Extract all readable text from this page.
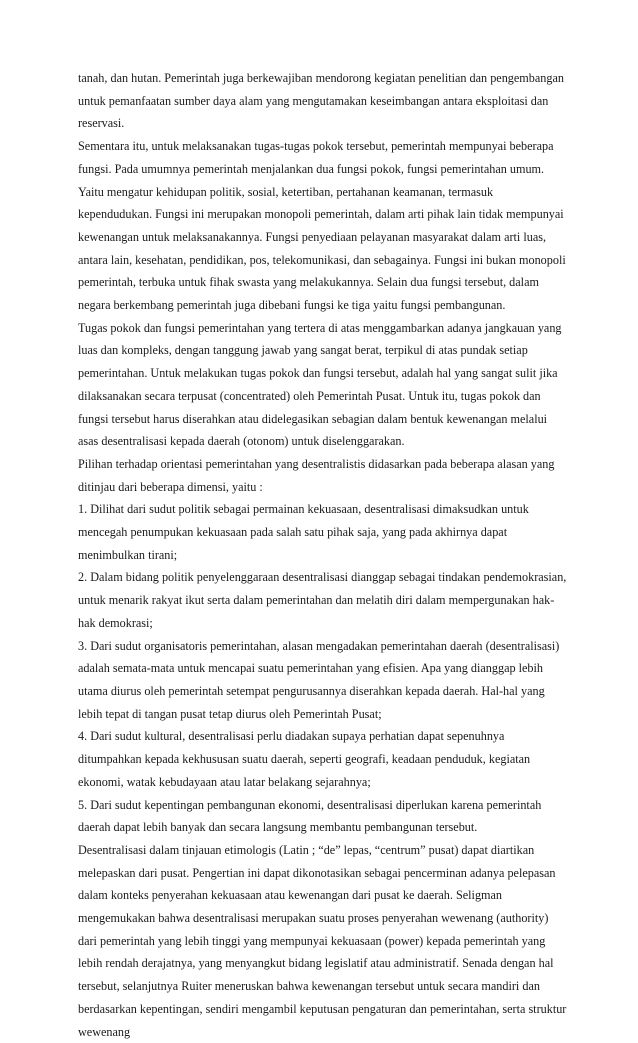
tanah, dan hutan. Pemerintah juga berkewajiban mendorong kegiatan penelitian dan pengembangan untuk pemanfaatan sumber daya alam yang mengutamakan keseimbangan antara eksploitasi dan reservasi.

Sementara itu, untuk melaksanakan tugas-tugas pokok tersebut, pemerintah mempunyai beberapa fungsi. Pada umumnya pemerintah menjalankan dua fungsi pokok, fungsi pemerintahan umum. Yaitu mengatur kehidupan politik, sosial, ketertiban, pertahanan keamanan, termasuk kependudukan. Fungsi ini merupakan monopoli pemerintah, dalam arti pihak lain tidak mempunyai kewenangan untuk melaksanakannya. Fungsi penyediaan pelayanan masyarakat dalam arti luas, antara lain, kesehatan, pendidikan, pos, telekomunikasi, dan sebagainya. Fungsi ini bukan monopoli pemerintah, terbuka untuk fihak swasta yang melakukannya. Selain dua fungsi tersebut, dalam negara berkembang pemerintah juga dibebani fungsi ke tiga yaitu fungsi pembangunan.

Tugas pokok dan fungsi pemerintahan yang tertera di atas menggambarkan adanya jangkauan yang luas dan kompleks, dengan tanggung jawab yang sangat berat, terpikul di atas pundak setiap pemerintahan. Untuk melakukan tugas pokok dan fungsi tersebut, adalah hal yang sangat sulit jika dilaksanakan secara terpusat (concentrated) oleh Pemerintah Pusat. Untuk itu, tugas pokok dan fungsi tersebut harus diserahkan atau didelegasikan sebagian dalam bentuk kewenangan melalui asas desentralisasi kepada daerah (otonom) untuk diselenggarakan.

Pilihan terhadap orientasi pemerintahan yang desentralistis didasarkan pada beberapa alasan yang ditinjau dari beberapa dimensi, yaitu :

1. Dilihat dari sudut politik sebagai permainan kekuasaan, desentralisasi dimaksudkan untuk mencegah penumpukan kekuasaan pada salah satu pihak saja, yang pada akhirnya dapat menimbulkan tirani;

2. Dalam bidang politik penyelenggaraan desentralisasi dianggap sebagai tindakan pendemokrasian, untuk menarik rakyat ikut serta dalam pemerintahan dan melatih diri dalam mempergunakan hak-hak demokrasi;

3. Dari sudut organisatoris pemerintahan, alasan mengadakan pemerintahan daerah (desentralisasi) adalah semata-mata untuk mencapai suatu pemerintahan yang efisien. Apa yang dianggap lebih utama diurus oleh pemerintah setempat pengurusannya diserahkan kepada daerah. Hal-hal yang lebih tepat di tangan pusat tetap diurus oleh Pemerintah Pusat;

4. Dari sudut kultural, desentralisasi perlu diadakan supaya perhatian dapat sepenuhnya ditumpahkan kepada kekhususan suatu daerah, seperti geografi, keadaan penduduk, kegiatan ekonomi, watak kebudayaan atau latar belakang sejarahnya;

5. Dari sudut kepentingan pembangunan ekonomi, desentralisasi diperlukan karena pemerintah daerah dapat lebih banyak dan secara langsung membantu pembangunan tersebut.

Desentralisasi dalam tinjauan etimologis (Latin ; “de” lepas, “centrum” pusat) dapat diartikan melepaskan dari pusat. Pengertian ini dapat dikonotasikan sebagai pencerminan adanya pelepasan dalam konteks penyerahan kekuasaan atau kewenangan dari pusat ke daerah. Seligman mengemukakan bahwa desentralisasi merupakan suatu proses penyerahan wewenang (authority) dari pemerintah yang lebih tinggi yang mempunyai kekuasaan (power) kepada pemerintah yang lebih rendah derajatnya, yang menyangkut bidang legislatif atau administratif. Senada dengan hal tersebut, selanjutnya Ruiter meneruskan bahwa kewenangan tersebut untuk secara mandiri dan berdasarkan kepentingan, sendiri mengambil keputusan pengaturan dan pemerintahan, serta struktur wewenang
